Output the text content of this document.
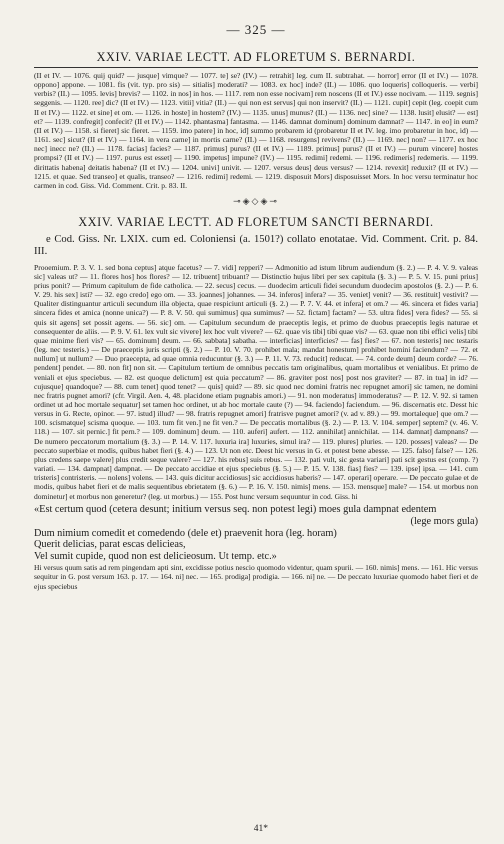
— 325 —
XXIV. VARIAE LECTT. AD FLORETUM S. BERNARDI.

(II et IV. — 1076. quij quid? — jusque] vimque? — 1077. te] se? (IV.) — retrahit] leg. cum II. subtrahat. — horror] error (II et IV.) — 1078. oppono] appone. — 1081. fis (vit. typ. pro sis) — sitialis] moderati? — 1083. ex hoc] inde? (II.) — 1086. quo loqueris] colloqueris. — verbi] verbis? (II.) — 1095. levis] brevis? — 1102. in nos] in hos. — 1117. rem non esse nocivam] rem noscens (II et IV.) esse nocivam. — 1119. segnis] seggenis. — 1120. ree] dic? (II et IV.) — 1123. vitii] vitia? (II.) — qui non est servus] qui non inservit? (II.) — 1121. cupit] cepit (leg. coepit cum II et IV.) — 1122. et sine] et om. — 1126. in hoste] in hostem? (IV.) — 1135. unus] munus? (II.) — 1136. nec] sine? — 1138. lusit] elusit? — est] et? — 1139. confregit] confecit? (II et IV.) — 1142. phantasma] fantasma. — 1146. damnat dominum] dominum damnat? — 1147. in eo] in eum? (II et IV.) — 1158. si fieret] sic fieret. — 1159. imo patere] in hoc, id] summo probarem id (probaretur II et IV. leg. imo probaretur in hoc, id) — 1161. sec] sicut? (II et IV.) — 1164. in vera carne] in mortis carne? (II.) — 1168. resurgens] revivens? (II.) — 1169. nec] non? — 1177. ex hoc nec] inecc ne? (II.) — 1178. facias] facies? — 1187. primus] purus? (II et IV.) — 1189. primus] purus? (II et IV.) — purum vincere] hostes prompsi? (II et IV.) — 1197. purus est esset] — 1190. impetus] impune? (IV.) — 1195. redimi] redemi. — 1196. redimeris] redemeris. — 1199. dirittatis habena] deitatis habena? (II et IV.) — 1204. univi] univit. — 1207. versus deus] deus versus? — 1214. revexit] reduxit? (II et IV.) — 1215. et quae. Sed transeo] et qualis, transeo? — 1216. redimi] redemi. — 1219. disposuit Mors] disposuisset Mors. In hoc versu terminatur hoc carmen in cod. Giss. Vid. Comment. Crit. p. 83. II.

⊸◈◇◈⊸
XXIV. VARIAE LECTT. AD FLORETUM SANCTI BERNARDI.

e Cod. Giss. Nr. LXIX. cum ed. Coloniensi (a. 1501?) collato enotatae. Vid. Comment. Crit. p. 84. III.

Prooemium. P. 3. V. 1. sed bona ceptus] atque facetus? — 7. vidi] repperi? — Admonitio ad istum librum audiendum (§. 2.) — P. 4. V. 9. valeas sic] valeas ut? — 11. flores hos] hos flores? — 12. tribuent] tribuant? — Distinctio hujus libri per sex capitula (§. 3.) — P. 5. V. 15. puni prius] prius ponit? — Primum capitulum de fide catholica. — 22. secus] cecus. — duodecim articuli fidei secundum duodecim apostolos (§. 2.) — P. 6. V. 29. his sex] isti? — 32. ego credo] ego om. — 33. joannes] johannes. — 34. inferos] infera? — 35. veniet] venit? — 36. restituit] vestivit? — Qualiter distinguantur articuli secundum illa objecta, quae respiciunt articuli (§. 2.) — P. 7. V. 44. et infera] et om.? — 46. sincera et fides varia] sincera fides et amica (nonne unica?) — P. 8. V. 50. qui sumimus] qua sumimus? — 52. fictam] factam? — 53. ultra fides] vera fides? — 55. si quis sit agens] set possit agens. — 56. sic] om. — Capitulum secundum de praeceptis legis, et primo de duobus praeceptis legis naturae et consequenter de aliis. — P. 9. V. 61. lex vult sic vivere] lex hoc vult vivere? — 62. quae vis tibi] tibi quae vis? — 63. quae non tibi effici velis] tibi quae minime fieri vis? — 65. dominum] deum. — 66. sabbata] sabatha. — interficias] interficies? — fas] fies? — 67. non testeris] nec testaris (leg. nec testeris.) — De praeceptis juris scripti (§. 2.) — P. 10. V. 70. prohibet mala; mandat honestum] prohibet homini faciendum? — 72. et nullum] ut nullum? — Duo praecepta, ad quae omnia reducuntur (§. 3.) — P. 11. V. 73. reducit] reducat. — 74. corde deum] deum corde? — 76. pendent] pendet. — 80. non fit] non sit. — Capitulum tertium de omnibus peccatis tam originalibus, quam mortalibus et venialibus. Et primo de veniali et ejus speciebus. — 82. est quoque delictum] est quia peccatum? — 86. graviter post nos] post nos graviter? — 87. in tua] in id? — cujusque] quandoque? — 88. cum tenet] quod tenet? — quis] quid? — 89. sic quod nec domini fratris nec repugnet amori] sic tamen, ne domini nec fratris pugnet amori? (cfr. Virgil. Aen. 4, 48. placidone etiam pugnabis amori.) — 91. non moderatus] immoderatus? — P. 12. V. 92. si tamen ordinet ut ad hoc mortale sequatur] set tamen hoc ordinet, ut ab hoc mortale caute (?) — 94. faciendo] faciendum. — 96. discernatis etc. Desst hic versus in G. Recte, opinor. — 97. istud] illud? — 98. fratris repugnet amori] fratrisve pugnet amori? (v. ad v. 89.) — 99. mortaleque] que om.? — 100. scismatque] scisma quoque. — 103. tum fit ven.] ne fit ven.? — De peccatis mortalibus (§. 2.) — P. 13. V. 104. semper] septem? (v. 46. V. 118.) — 107. sit pernic.] fit pern.? — 109. dominum] deum. — 110. auferi] aufert. — 112. annihilat] annichilat. — 114. damnat] dampnans? — De numero peccatorum mortalium (§. 3.) — P. 14. V. 117. luxuria ira] luxuries, simul ira? — 119. plures] pluries. — 120. posses] valeas? — De peccato superbiae et modis, quibus habet fieri (§. 4.) — 123. Ut non etc. Deest hic versus in G. et potest bene abesse. — 125. falso] false? — 126. plus credens saepe valere] plus credit seque valere? — 127. his rebus] suis rebus. — 132. pati vult, sic gesta variari] pati scit gestus est (comp. ?) variati. — 134. dampnat] dampnat. — De peccato accidiae et ejus speciebus (§. 5.) — P. 15. V. 138. fias] fies? — 139. ipse] ipsa. — 141. cum tristeris] contristeris. — nolens] volens. — 143. quis dicitur accidiosus] sic accidiosus haberis? — 147. operari] operare. — De peccato gulae et de modis, quibus habet fieri et de malis sequentibus ebrietatem (§. 6.) — P. 16. V. 150. nimis] mens. — 153. mensque] male? — 154. ut morbus non dominetur] et morbus non generetur? (leg. ut morbus.) — 155. Post hunc versum sequuntur in cod. Giss. hi

«Est certum quod (cetera desunt; initium versus seq. non potest legi) moes gula dampnat edentem

(lege mors gula)

Dum nimium comedit et comedendo (dele et) praevenit hora (leg. horam)

Querit delicias, parat escas delicieas,

Vel sumit cupide, quod non est delicieosum. Ut temp. etc.»

Hi versus quum satis ad rem pingendam apti sint, excidisse potius nescio quomodo videntur, quam spurii. — 160. nimis] mens. — 161. Hic versus sequitur in G. post versum 163. p. 17. — 164. ni] nec. — 165. prodiga] prodigia. — 166. ni] ne. — De peccato luxuriae quomodo habet fieri et de ejus speciebus

41*
